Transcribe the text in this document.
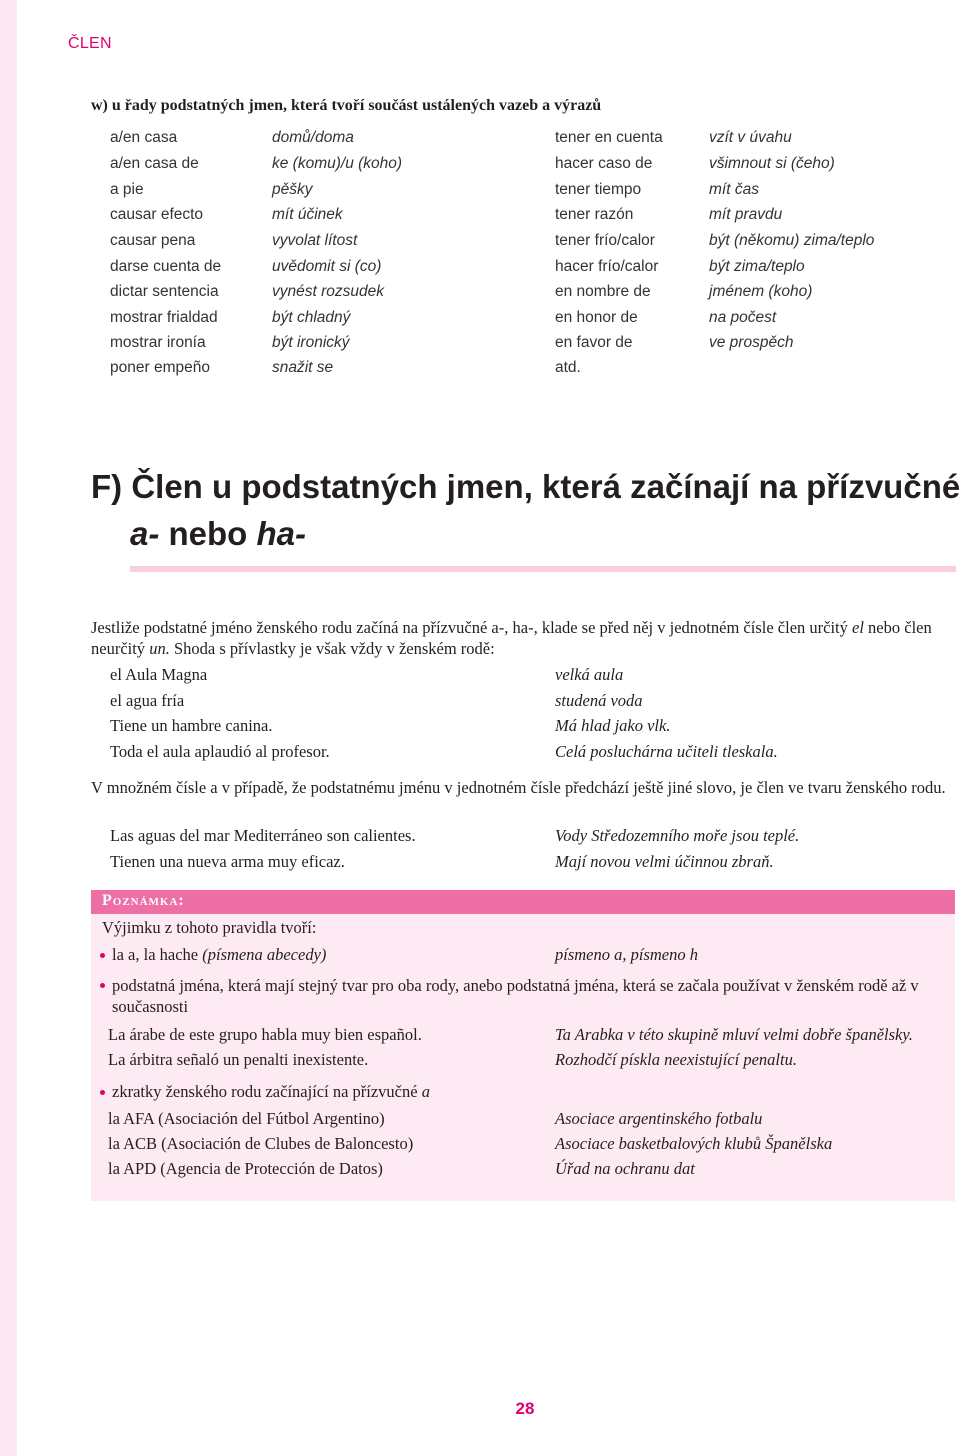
ČLEN
w) u řady podstatných jmen, která tvoří součást ustálených vazeb a výrazů
a/en casa	domů/doma	tener en cuenta	vzít v úvahu
a/en casa de	ke (komu)/u (koho)	hacer caso de	všimnout si (čeho)
a pie	pěšky	tener tiempo	mít čas
causar efecto	mít účinek	tener razón	mít pravdu
causar pena	vyvolat lítost	tener frío/calor	být (někomu) zima/teplo
darse cuenta de	uvědomit si (co)	hacer frío/calor	být zima/teplo
dictar sentencia	vynést rozsudek	en nombre de	jménem (koho)
mostrar frialdad	být chladný	en honor de	na počest
mostrar ironía	být ironický	en favor de	ve prospěch
poner empeño	snažit se	atd.
F) Člen u podstatných jmen, která začínají na přízvučné
a- nebo ha-
Jestliže podstatné jméno ženského rodu začíná na přízvučné a-, ha-, klade se před něj v jednotném čísle člen určitý el nebo člen neurčitý un. Shoda s přívlastky je však vždy v ženském rodě:
el Aula Magna	velká aula
el agua fría	studená voda
Tiene un hambre canina.	Má hlad jako vlk.
Toda el aula aplaudió al profesor.	Celá posluchárna učiteli tleskala.
V množném čísle a v případě, že podstatnému jménu v jednotném čísle předchází ještě jiné slovo, je člen ve tvaru ženského rodu.
Las aguas del mar Mediterráneo son calientes.	Vody Středozemního moře jsou teplé.
Tienen una nueva arma muy eficaz.	Mají novou velmi účinnou zbraň.
Poznámka:
Výjimku z tohoto pravidla tvoří:
la a, la hache (písmena abecedy)	písmeno a, písmeno h
podstatná jména, která mají stejný tvar pro oba rody, anebo podstatná jména, která se začala používat v ženském rodě až v současnosti
La árabe de este grupo habla muy bien español.	Ta Arabka v této skupině mluví velmi dobře španělsky.
La árbitra señaló un penalti inexistente.	Rozhodčí pískla neexistující penaltu.
zkratky ženského rodu začínající na přízvučné a
la AFA (Asociación del Fútbol Argentino)	Asociace argentinského fotbalu
la ACB (Asociación de Clubes de Baloncesto)	Asociace basketbalových klubů Španělska
la APD (Agencia de Protección de Datos)	Úřad na ochranu dat
28
